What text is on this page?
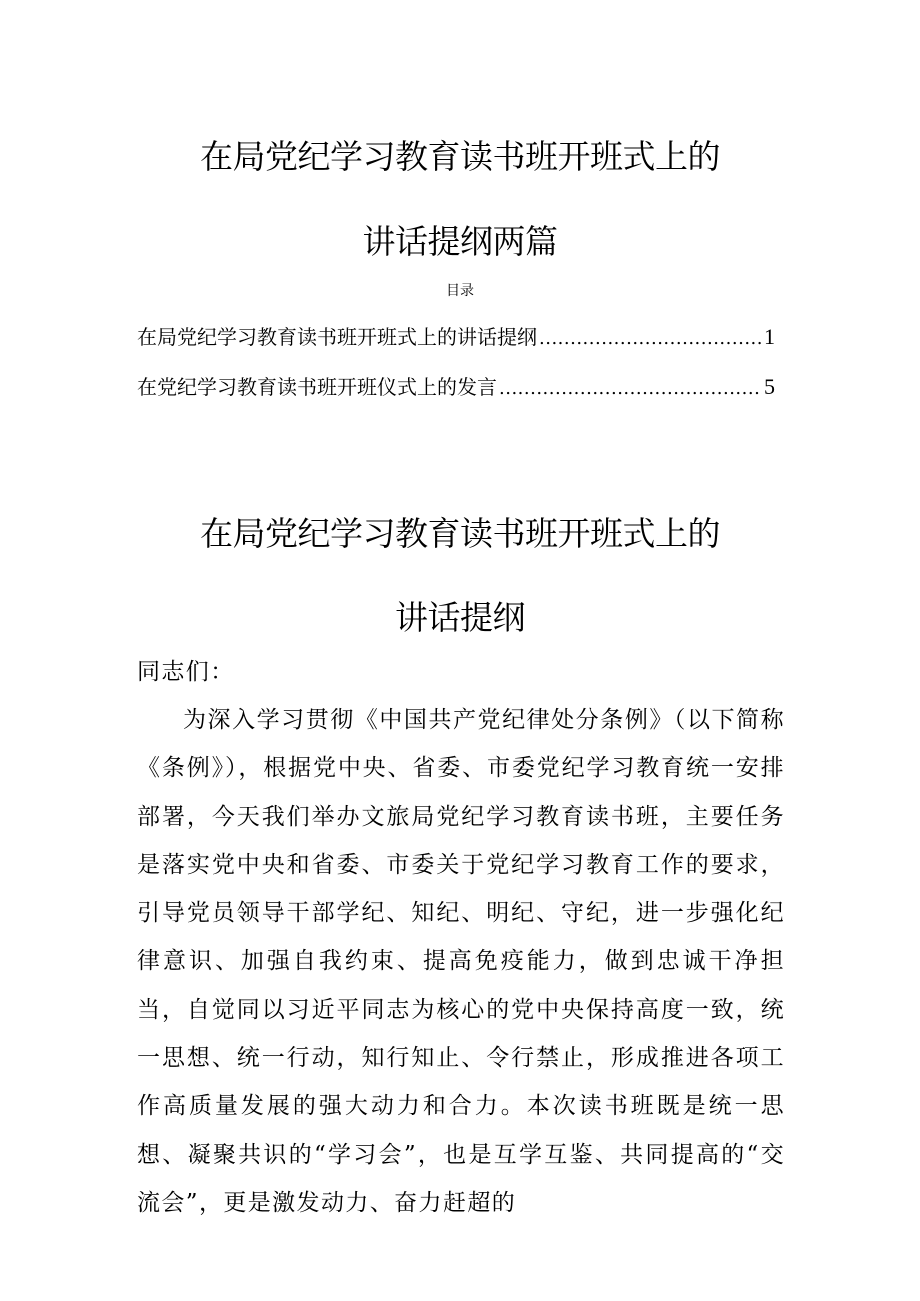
在局党纪学习教育读书班开班式上的
讲话提纲两篇
目录
在局党纪学习教育读书班开班式上的讲话提纲 .....	1
在党纪学习教育读书班开班仪式上的发言 .....	5
在局党纪学习教育读书班开班式上的
讲话提纲

同志们：

为深入学习贯彻《中国共产党纪律处分条例》（以下简称《条例》），根据党中央、省委、市委党纪学习教育统一安排部署，今天我们举办文旅局党纪学习教育读书班，主要任务是落实党中央和省委、市委关于党纪学习教育工作的要求，引导党员领导干部学纪、知纪、明纪、守纪，进一步强化纪律意识、加强自我约束、提高免疫能力，做到忠诚干净担当，自觉同以习近平同志为核心的党中央保持高度一致，统一思想、统一行动，知行知止、令行禁止，形成推进各项工作高质量发展的强大动力和合力。本次读书班既是统一思想、凝聚共识的“学习会”，也是互学互鉴、共同提高的“交流会”，更是激发动力、奋力赶超的
